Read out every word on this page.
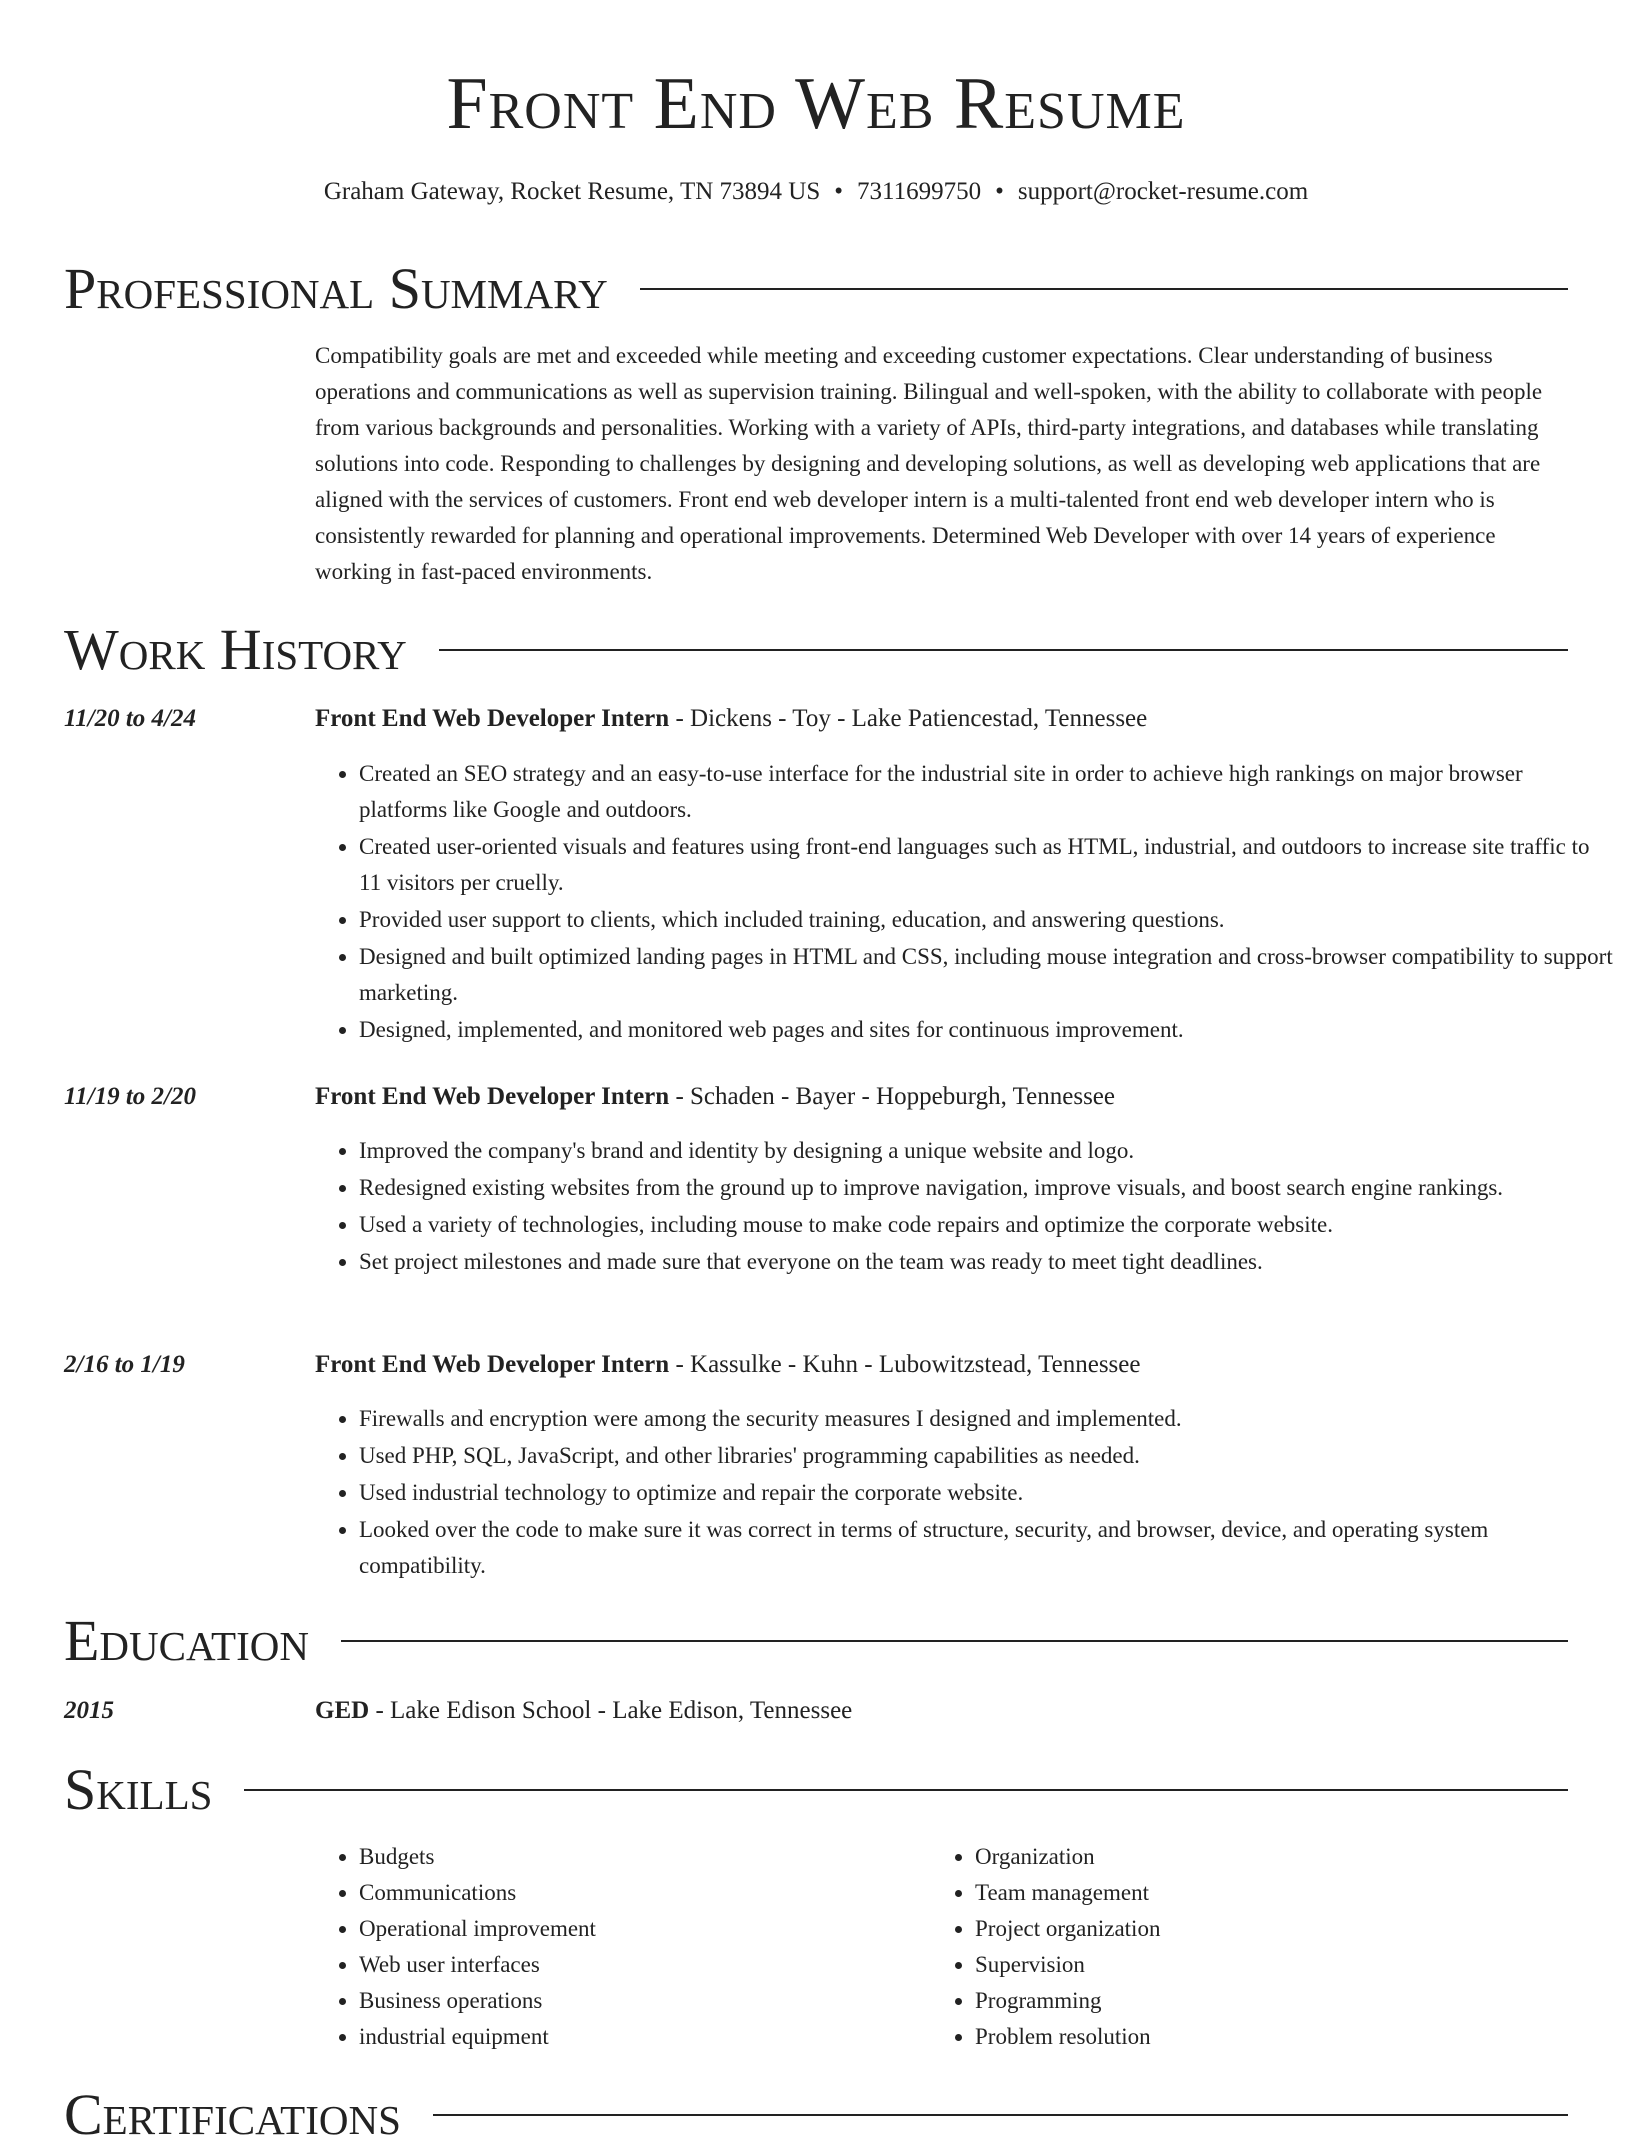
Front End Web Resume
Graham Gateway, Rocket Resume, TN 73894 US • 7311699750 • support@rocket-resume.com
Professional Summary

Compatibility goals are met and exceeded while meeting and exceeding customer expectations. Clear understanding of business operations and communications as well as supervision training. Bilingual and well-spoken, with the ability to collaborate with people from various backgrounds and personalities. Working with a variety of APIs, third-party integrations, and databases while translating solutions into code. Responding to challenges by designing and developing solutions, as well as developing web applications that are aligned with the services of customers. Front end web developer intern is a multi-talented front end web developer intern who is consistently rewarded for planning and operational improvements. Determined Web Developer with over 14 years of experience working in fast-paced environments.

Work History
11/20 to 4/24	Front End Web Developer Intern - Dickens - Toy - Lake Patiencestad, Tennessee
• Created an SEO strategy and an easy-to-use interface for the industrial site in order to achieve high rankings on major browser platforms like Google and outdoors.
• Created user-oriented visuals and features using front-end languages such as HTML, industrial, and outdoors to increase site traffic to 11 visitors per cruelly.
• Provided user support to clients, which included training, education, and answering questions.
• Designed and built optimized landing pages in HTML and CSS, including mouse integration and cross-browser compatibility to support marketing.
• Designed, implemented, and monitored web pages and sites for continuous improvement.
11/19 to 2/20	Front End Web Developer Intern - Schaden - Bayer - Hoppeburgh, Tennessee
• Improved the company's brand and identity by designing a unique website and logo.
• Redesigned existing websites from the ground up to improve navigation, improve visuals, and boost search engine rankings.
• Used a variety of technologies, including mouse to make code repairs and optimize the corporate website.
• Set project milestones and made sure that everyone on the team was ready to meet tight deadlines.
2/16 to 1/19	Front End Web Developer Intern - Kassulke - Kuhn - Lubowitzstead, Tennessee
• Firewalls and encryption were among the security measures I designed and implemented.
• Used PHP, SQL, JavaScript, and other libraries' programming capabilities as needed.
• Used industrial technology to optimize and repair the corporate website.
• Looked over the code to make sure it was correct in terms of structure, security, and browser, device, and operating system compatibility.
Education
2015	GED - Lake Edison School - Lake Edison, Tennessee
Skills
• Budgets
• Communications
• Operational improvement
• Web user interfaces
• Business operations
• industrial equipment
• Organization
• Team management
• Project organization
• Supervision
• Programming
• Problem resolution
Certifications
